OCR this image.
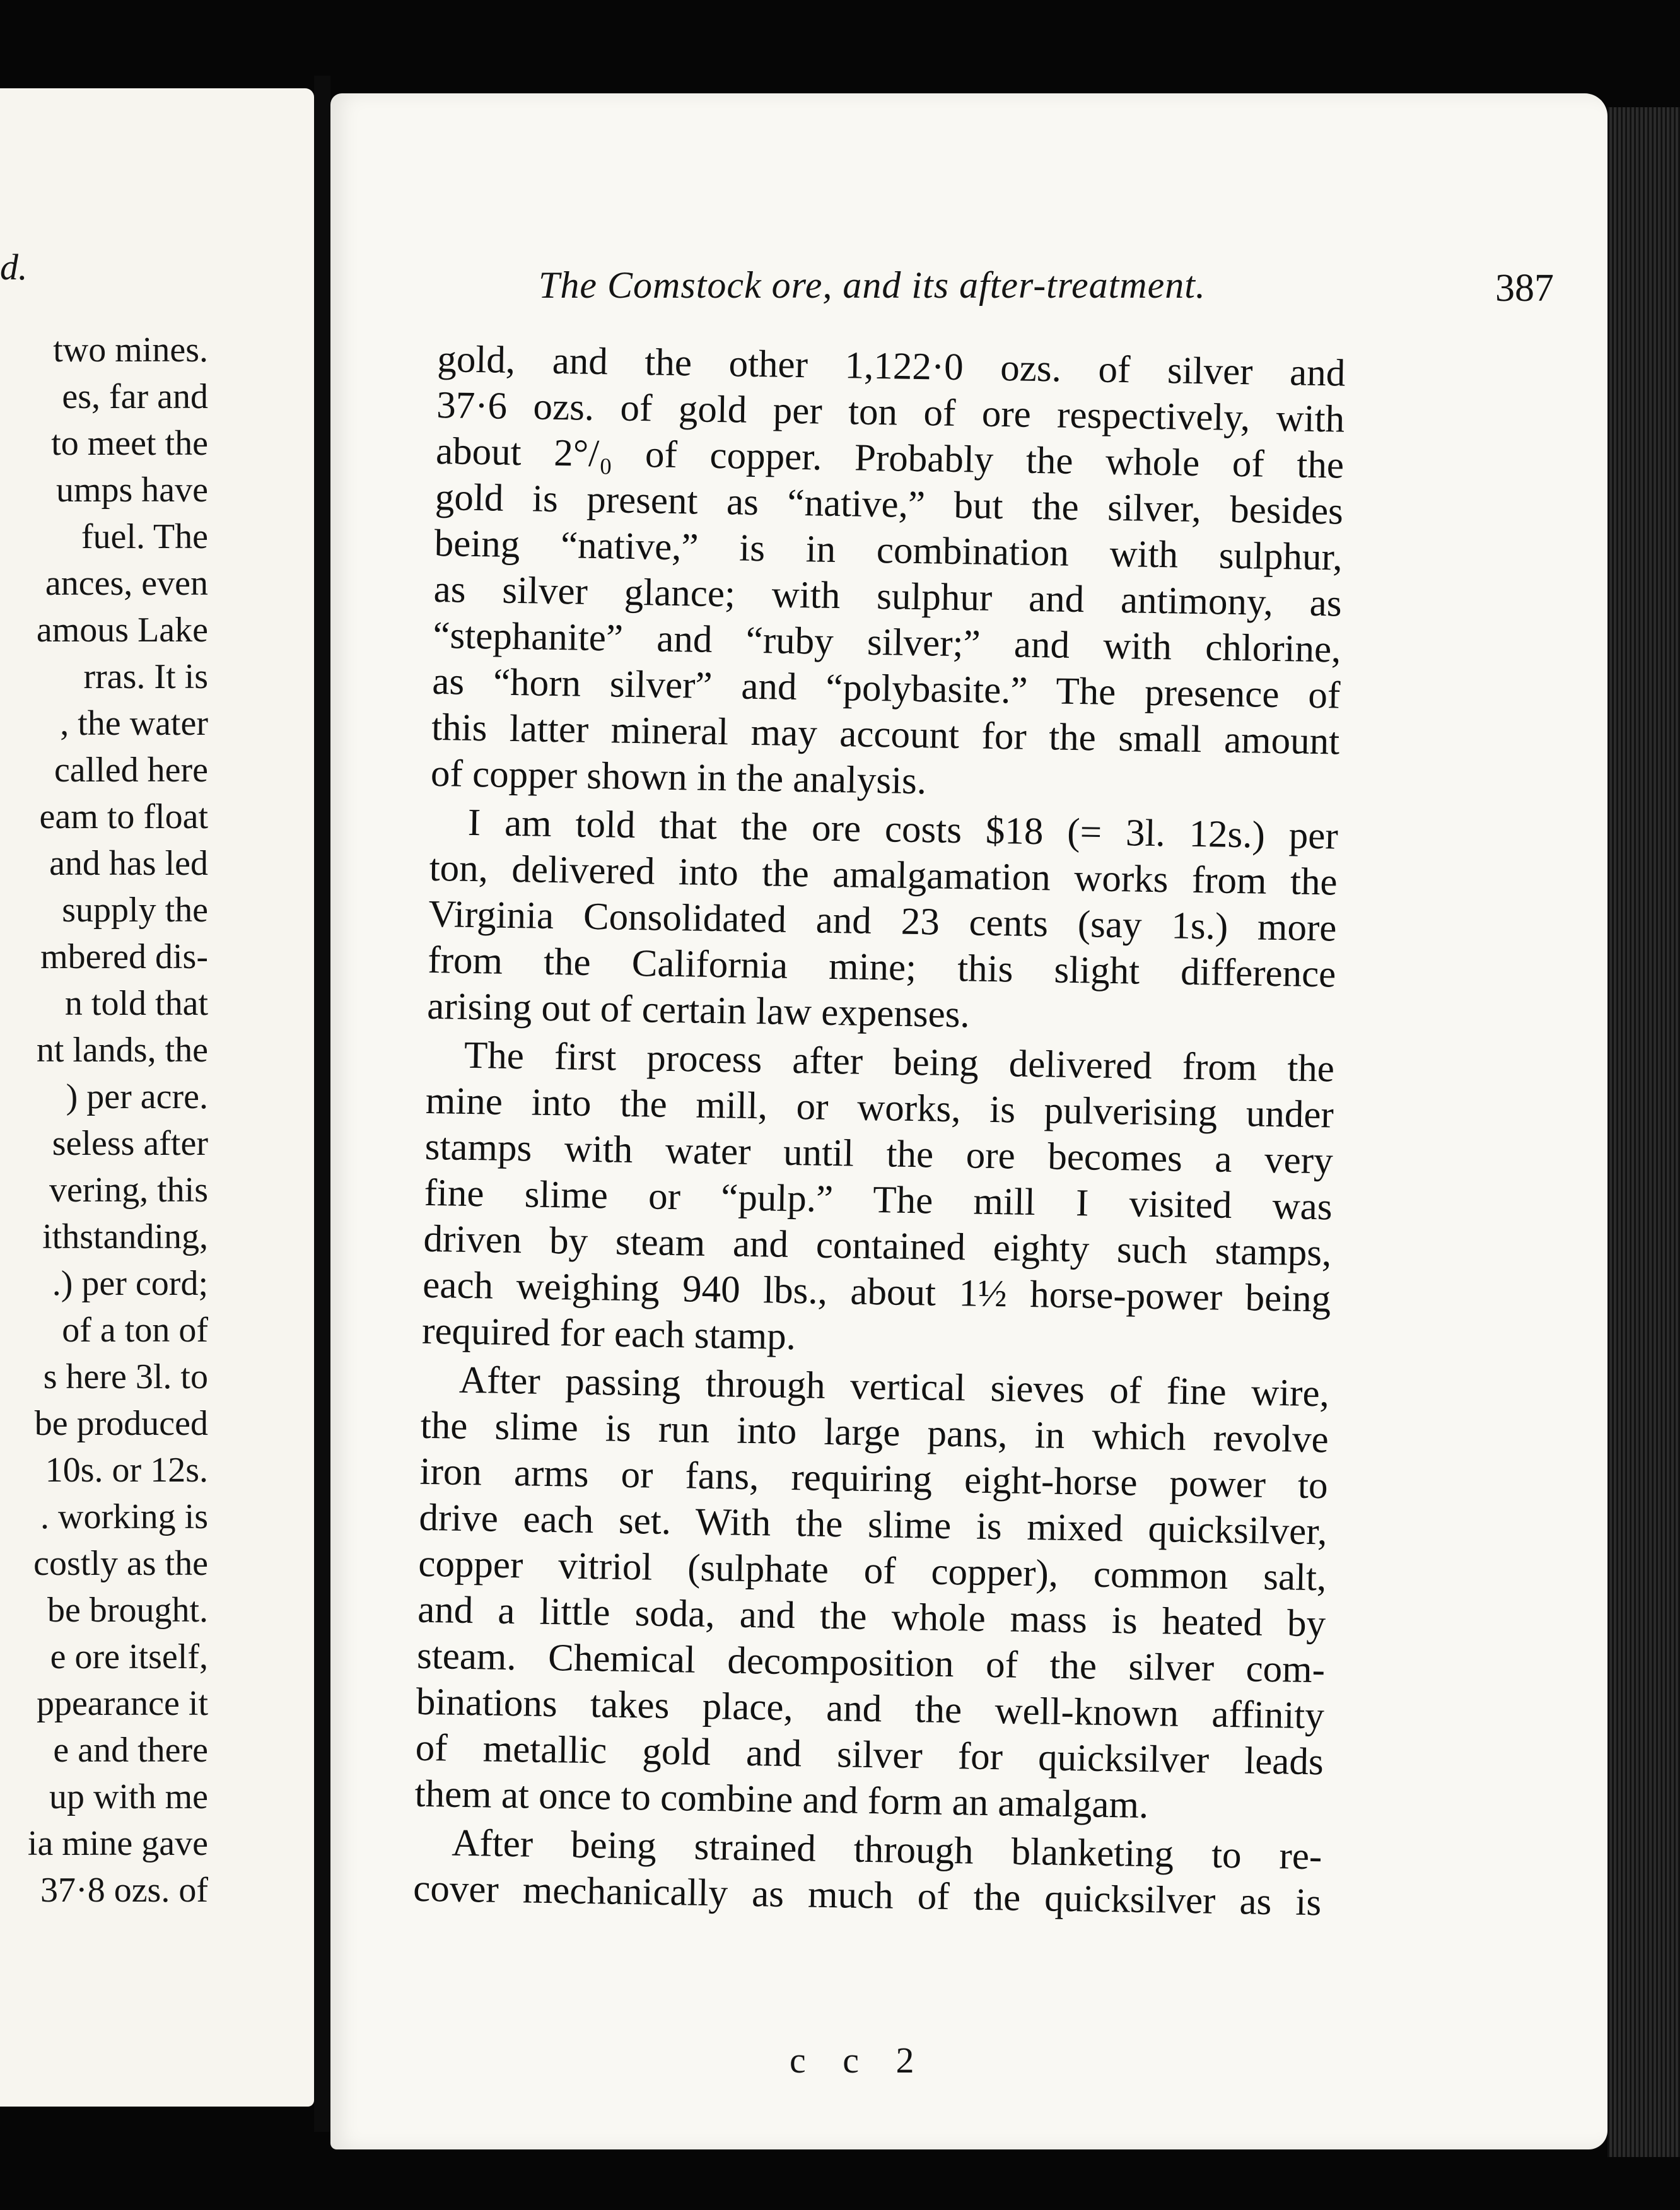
d.
two mines.
es, far and
to meet the
umps have
fuel. The
ances, even
amous Lake
rras. It is
, the water
called here
eam to float
and has led
supply the
mbered dis-
n told that
nt lands, the
) per acre.
seless after
vering, this
ithstanding,
.) per cord;
of a ton of
s here 3l. to
be produced
10s. or 12s.
. working is
costly as the
be brought.
e ore itself,
ppearance it
e and there
up with me
ia mine gave
37·8 ozs. of
The Comstock ore, and its after-treatment.	387
gold, and the other 1,122·0 ozs. of silver and
37·6 ozs. of gold per ton of ore respectively, with
about 2°/₀ of copper. Probably the whole of the
gold is present as “native,” but the silver, besides
being “native,” is in combination with sulphur,
as silver glance; with sulphur and antimony, as
“stephanite” and “ruby silver;” and with chlorine,
as “horn silver” and “polybasite.” The presence of
this latter mineral may account for the small amount
of copper shown in the analysis.
I am told that the ore costs $18 (= 3l. 12s.) per
ton, delivered into the amalgamation works from the
Virginia Consolidated and 23 cents (say 1s.) more
from the California mine; this slight difference
arising out of certain law expenses.
The first process after being delivered from the
mine into the mill, or works, is pulverising under
stamps with water until the ore becomes a very
fine slime or “pulp.” The mill I visited was
driven by steam and contained eighty such stamps,
each weighing 940 lbs., about 1½ horse-power being
required for each stamp.
After passing through vertical sieves of fine wire,
the slime is run into large pans, in which revolve
iron arms or fans, requiring eight-horse power to
drive each set. With the slime is mixed quicksilver,
copper vitriol (sulphate of copper), common salt,
and a little soda, and the whole mass is heated by
steam. Chemical decomposition of the silver com-
binations takes place, and the well-known affinity
of metallic gold and silver for quicksilver leads
them at once to combine and form an amalgam.
After being strained through blanketing to re-
cover mechanically as much of the quicksilver as is
c c 2
